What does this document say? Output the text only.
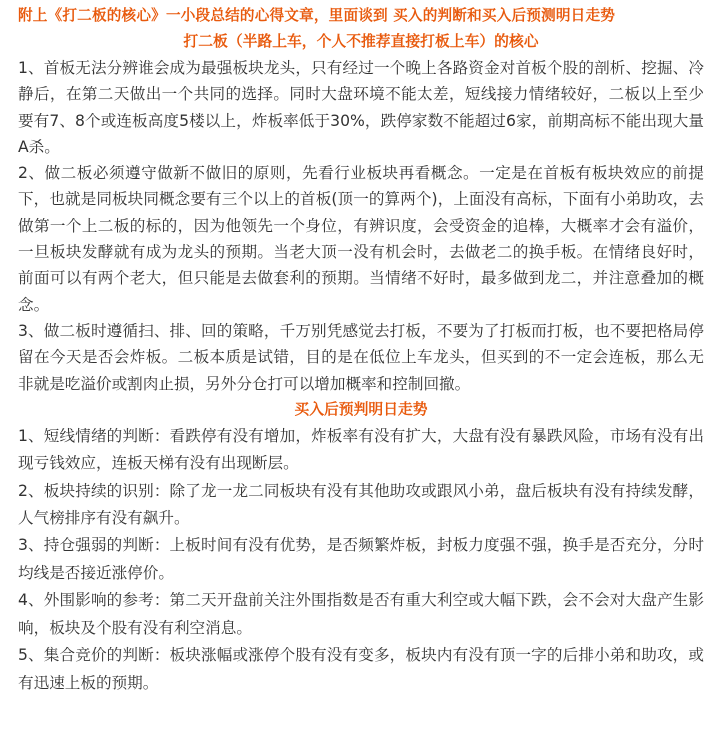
附上《打二板的核心》一小段总结的心得文章，里面谈到 买入的判断和买入后预测明日走势
打二板（半路上车，个人不推荐直接打板上车）的核心

1、首板无法分辨谁会成为最强板块龙头，只有经过一个晚上各路资金对首板个股的剖析、挖掘、冷静后，在第二天做出一个共同的选择。同时大盘环境不能太差，短线接力情绪较好，二板以上至少要有7、8个或连板高度5楼以上，炸板率低于30%，跌停家数不能超过6家，前期高标不能出现大量A杀。

2、做二板必须遵守做新不做旧的原则，先看行业板块再看概念。一定是在首板有板块效应的前提下，也就是同板块同概念要有三个以上的首板(顶一的算两个)，上面没有高标，下面有小弟助攻，去做第一个上二板的标的，因为他领先一个身位，有辨识度，会受资金的追棒，大概率才会有溢价，一旦板块发酵就有成为龙头的预期。当老大顶一没有机会时，去做老二的换手板。在情绪良好时，前面可以有两个老大，但只能是去做套利的预期。当情绪不好时，最多做到龙二，并注意叠加的概念。

3、做二板时遵循扫、排、回的策略，千万别凭感觉去打板，不要为了打板而打板，也不要把格局停留在今天是否会炸板。二板本质是试错，目的是在低位上车龙头，但买到的不一定会连板，那么无非就是吃溢价或割肉止损，另外分仓打可以增加概率和控制回撤。

买入后预判明日走势

1、短线情绪的判断：看跌停有没有增加，炸板率有没有扩大，大盘有没有暴跌风险，市场有没有出现亏钱效应，连板天梯有没有出现断层。

2、板块持续的识别：除了龙一龙二同板块有没有其他助攻或跟风小弟，盘后板块有没有持续发酵，人气榜排序有没有飙升。

3、持仓强弱的判断：上板时间有没有优势，是否频繁炸板，封板力度强不强，换手是否充分，分时均线是否接近涨停价。

4、外围影响的参考：第二天开盘前关注外围指数是否有重大利空或大幅下跌，会不会对大盘产生影响，板块及个股有没有利空消息。

5、集合竞价的判断：板块涨幅或涨停个股有没有变多，板块内有没有顶一字的后排小弟和助攻，或有迅速上板的预期。
